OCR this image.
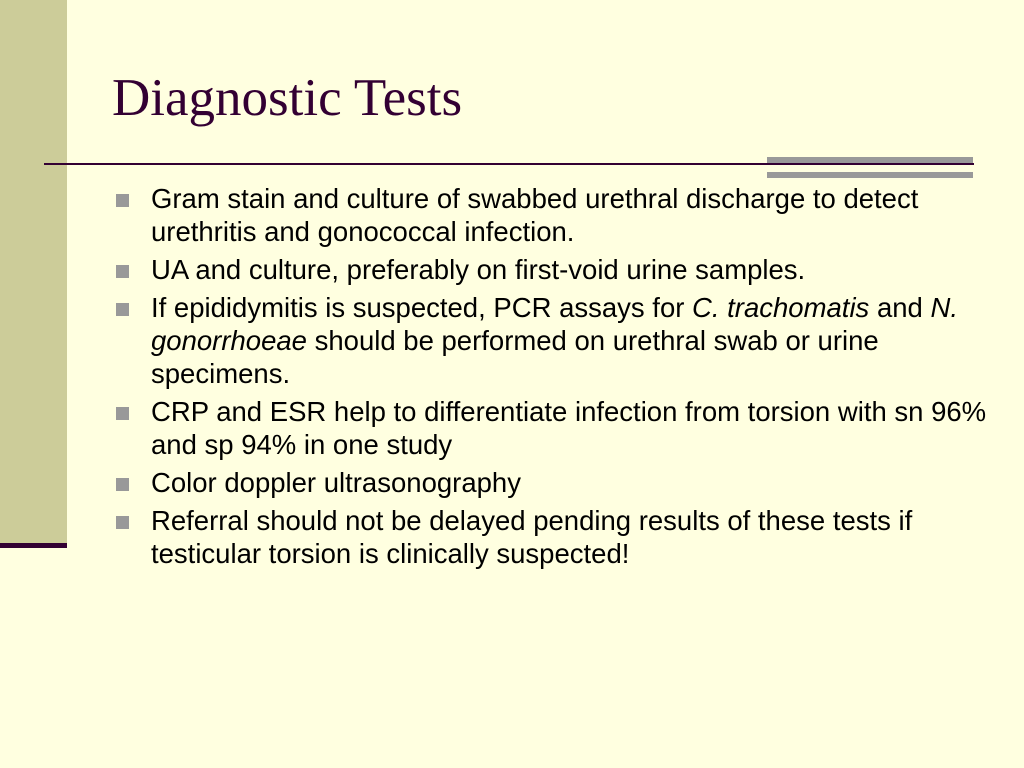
Diagnostic Tests
Gram stain and culture of swabbed urethral discharge to detect urethritis and gonococcal infection.
UA and culture, preferably on first-void urine samples.
If epididymitis is suspected, PCR assays for C. trachomatis and N. gonorrhoeae should be performed on urethral swab or urine specimens.
CRP and ESR help to differentiate infection from torsion with sn 96% and sp 94% in one study
Color doppler ultrasonography
Referral should not be delayed pending results of these tests if testicular torsion is clinically suspected!
